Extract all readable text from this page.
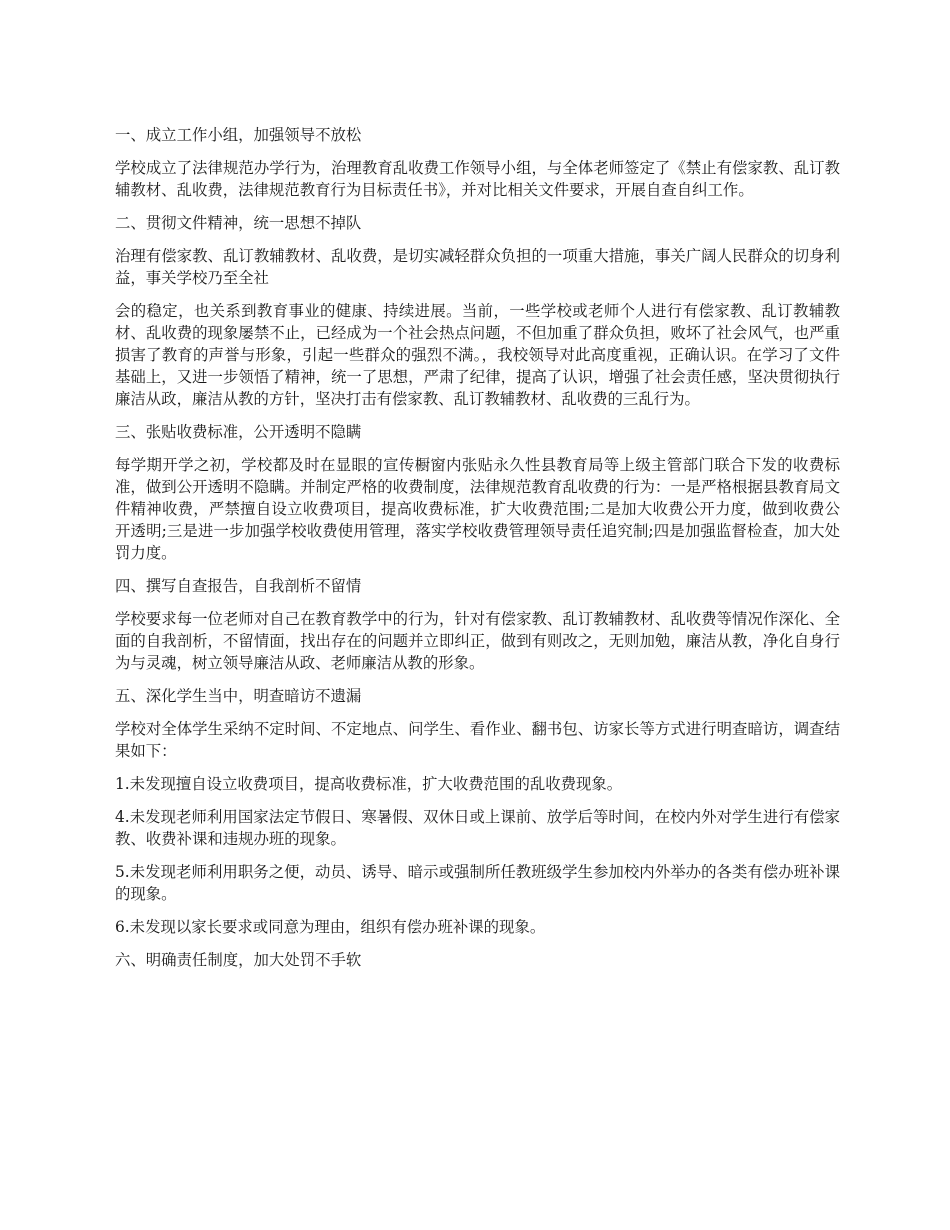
一、成立工作小组，加强领导不放松

学校成立了法律规范办学行为，治理教育乱收费工作领导小组，与全体老师签定了《禁止有偿家教、乱订教辅教材、乱收费，法律规范教育行为目标责任书》，并对比相关文件要求，开展自查自纠工作。

二、贯彻文件精神，统一思想不掉队

治理有偿家教、乱订教辅教材、乱收费，是切实减轻群众负担的一项重大措施，事关广阔人民群众的切身利益，事关学校乃至全社

会的稳定，也关系到教育事业的健康、持续进展。当前，一些学校或老师个人进行有偿家教、乱订教辅教材、乱收费的现象屡禁不止，已经成为一个社会热点问题，不但加重了群众负担，败坏了社会风气，也严重损害了教育的声誉与形象，引起一些群众的强烈不满。，我校领导对此高度重视，正确认识。在学习了文件基础上，又进一步领悟了精神，统一了思想，严肃了纪律，提高了认识，增强了社会责任感，坚决贯彻执行廉洁从政，廉洁从教的方针，坚决打击有偿家教、乱订教辅教材、乱收费的三乱行为。

三、张贴收费标准，公开透明不隐瞒

每学期开学之初，学校都及时在显眼的宣传橱窗内张贴永久性县教育局等上级主管部门联合下发的收费标准，做到公开透明不隐瞒。并制定严格的收费制度，法律规范教育乱收费的行为：一是严格根据县教育局文件精神收费，严禁擅自设立收费项目，提高收费标准，扩大收费范围;二是加大收费公开力度，做到收费公开透明;三是进一步加强学校收费使用管理，落实学校收费管理领导责任追究制;四是加强监督检查，加大处罚力度。

四、撰写自查报告，自我剖析不留情

学校要求每一位老师对自己在教育教学中的行为，针对有偿家教、乱订教辅教材、乱收费等情况作深化、全面的自我剖析，不留情面，找出存在的问题并立即纠正，做到有则改之，无则加勉，廉洁从教，净化自身行为与灵魂，树立领导廉洁从政、老师廉洁从教的形象。

五、深化学生当中，明查暗访不遗漏

学校对全体学生采纳不定时间、不定地点、问学生、看作业、翻书包、访家长等方式进行明查暗访，调查结果如下：

1.未发现擅自设立收费项目，提高收费标准，扩大收费范围的乱收费现象。

4.未发现老师利用国家法定节假日、寒暑假、双休日或上课前、放学后等时间，在校内外对学生进行有偿家教、收费补课和违规办班的现象。

5.未发现老师利用职务之便，动员、诱导、暗示或强制所任教班级学生参加校内外举办的各类有偿办班补课的现象。

6.未发现以家长要求或同意为理由，组织有偿办班补课的现象。

六、明确责任制度，加大处罚不手软
